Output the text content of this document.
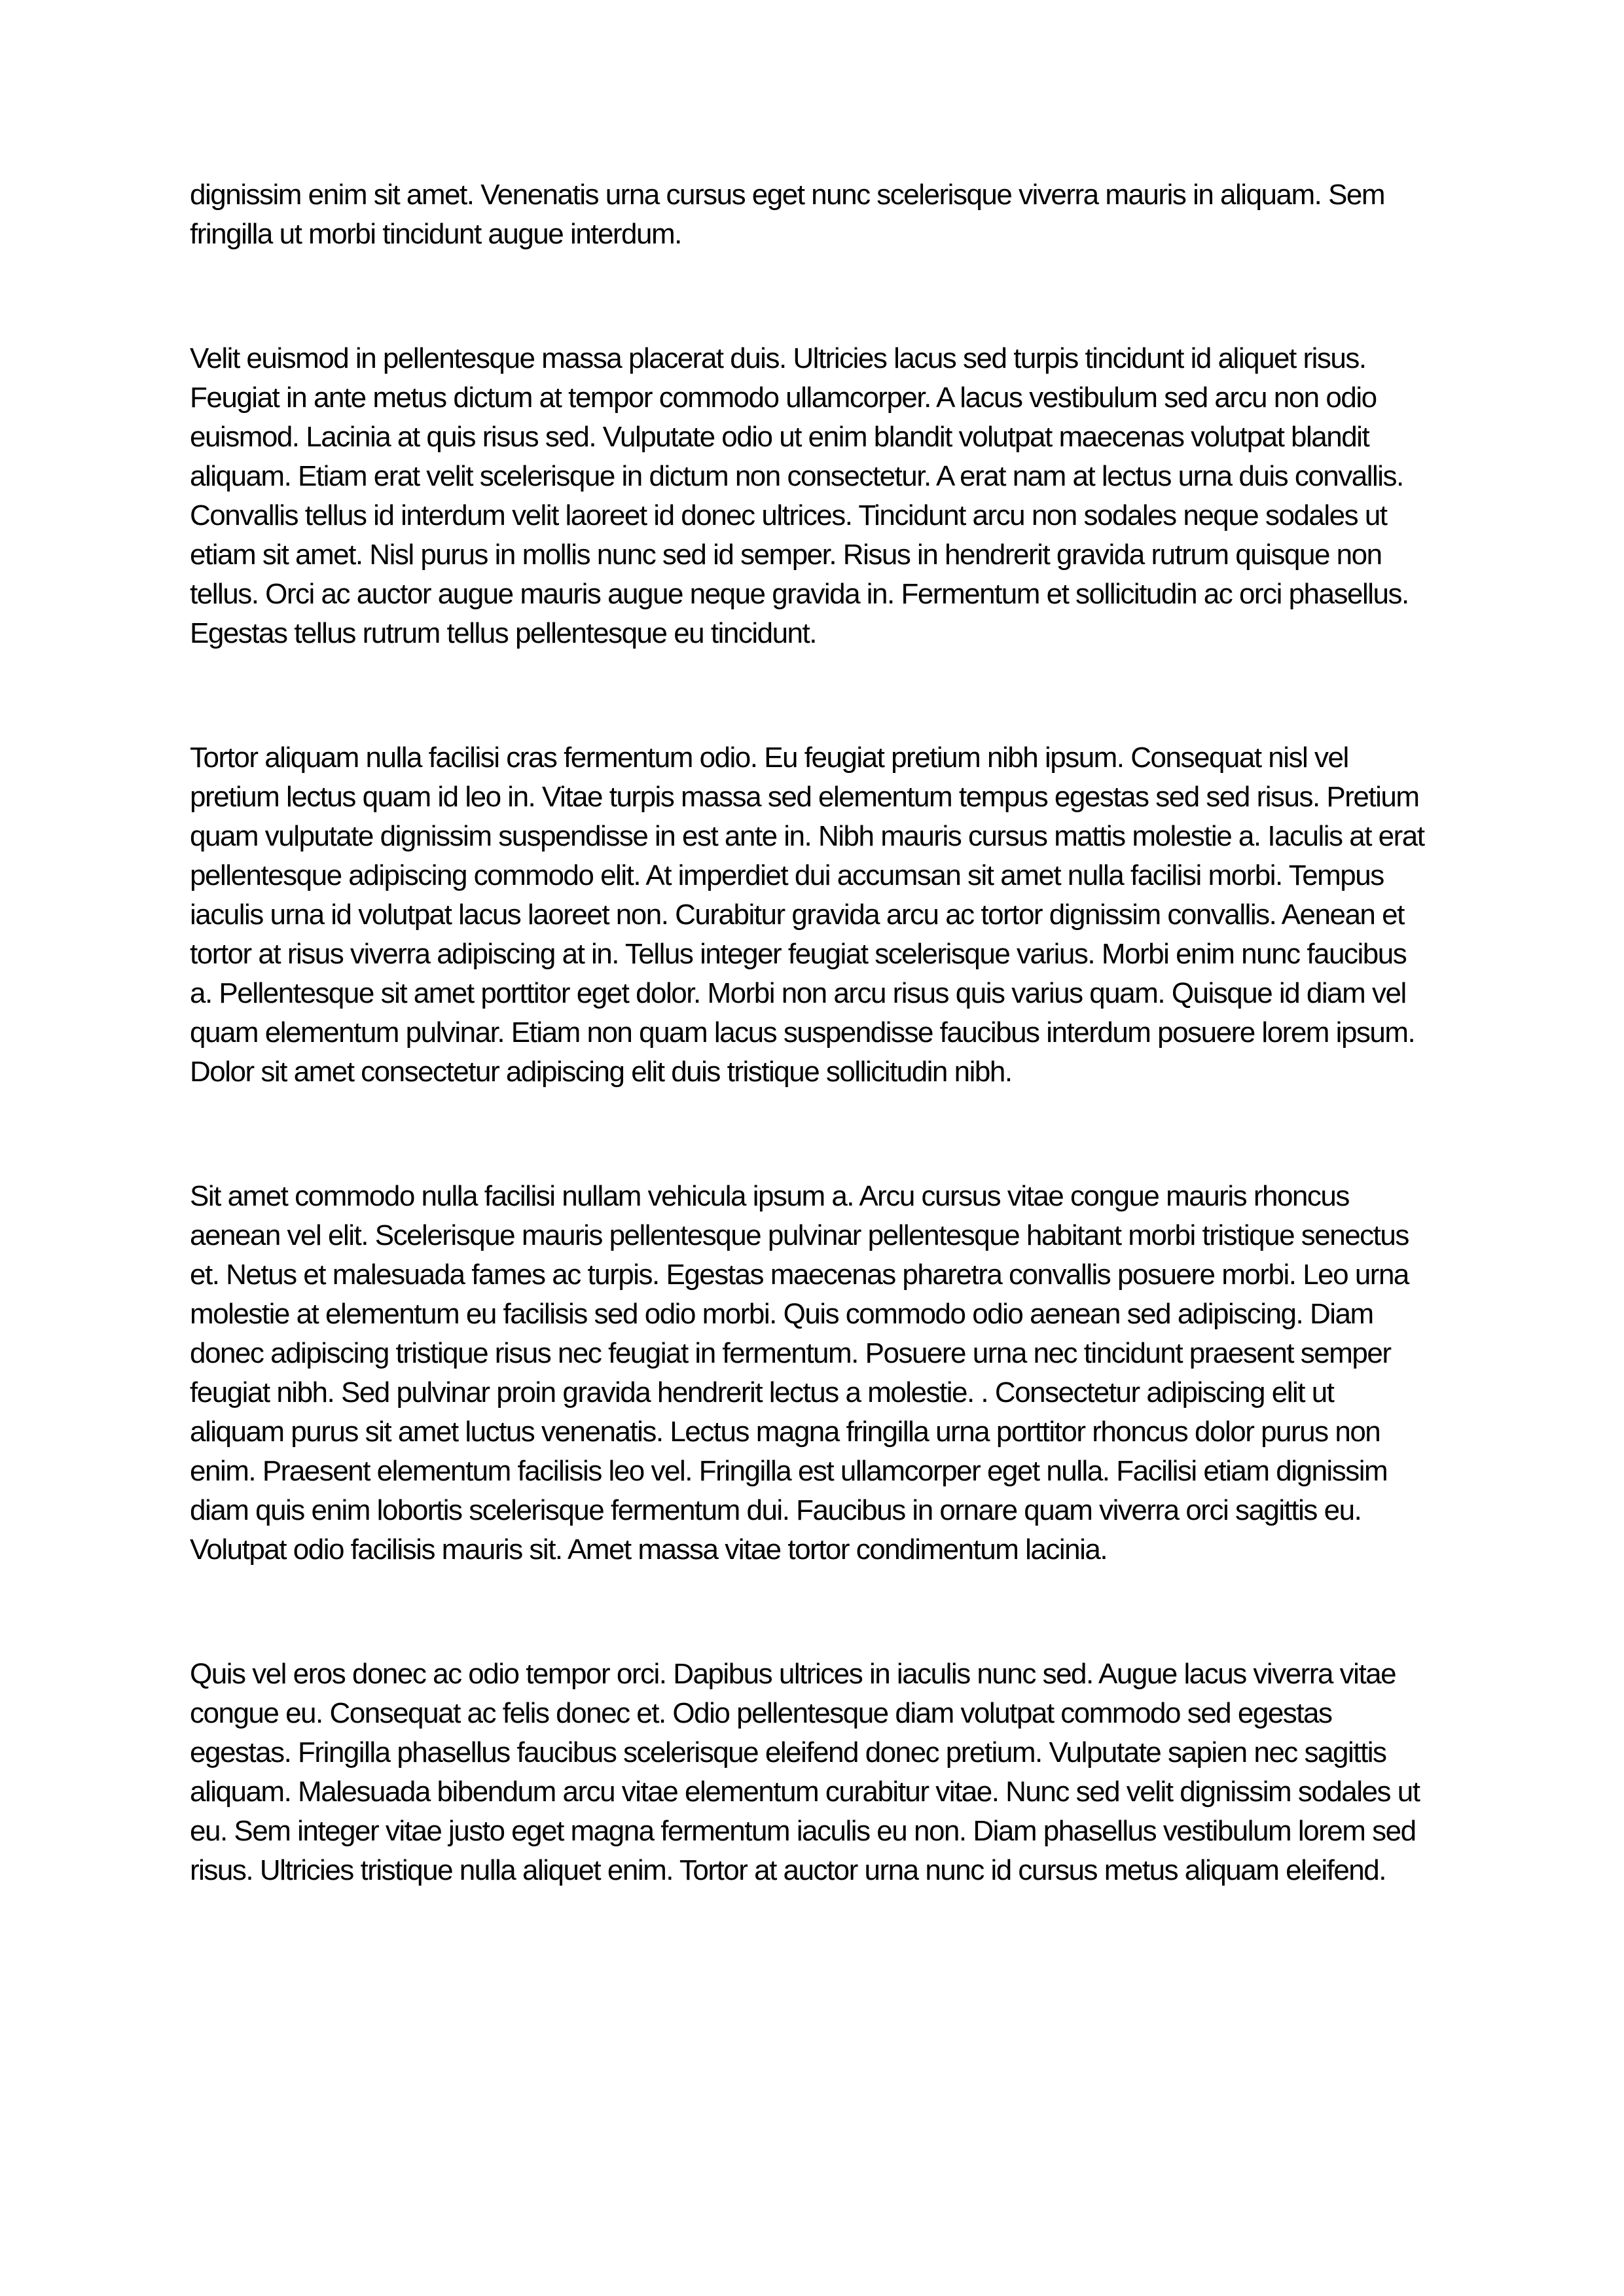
dignissim enim sit amet. Venenatis urna cursus eget nunc scelerisque viverra mauris in aliquam. Sem fringilla ut morbi tincidunt augue interdum.

Velit euismod in pellentesque massa placerat duis. Ultricies lacus sed turpis tincidunt id aliquet risus. Feugiat in ante metus dictum at tempor commodo ullamcorper. A lacus vestibulum sed arcu non odio euismod. Lacinia at quis risus sed. Vulputate odio ut enim blandit volutpat maecenas volutpat blandit aliquam. Etiam erat velit scelerisque in dictum non consectetur. A erat nam at lectus urna duis convallis. Convallis tellus id interdum velit laoreet id donec ultrices. Tincidunt arcu non sodales neque sodales ut etiam sit amet. Nisl purus in mollis nunc sed id semper. Risus in hendrerit gravida rutrum quisque non tellus. Orci ac auctor augue mauris augue neque gravida in. Fermentum et sollicitudin ac orci phasellus. Egestas tellus rutrum tellus pellentesque eu tincidunt.

Tortor aliquam nulla facilisi cras fermentum odio. Eu feugiat pretium nibh ipsum. Consequat nisl vel pretium lectus quam id leo in. Vitae turpis massa sed elementum tempus egestas sed sed risus. Pretium quam vulputate dignissim suspendisse in est ante in. Nibh mauris cursus mattis molestie a. Iaculis at erat pellentesque adipiscing commodo elit. At imperdiet dui accumsan sit amet nulla facilisi morbi. Tempus iaculis urna id volutpat lacus laoreet non. Curabitur gravida arcu ac tortor dignissim convallis. Aenean et tortor at risus viverra adipiscing at in. Tellus integer feugiat scelerisque varius. Morbi enim nunc faucibus a. Pellentesque sit amet porttitor eget dolor. Morbi non arcu risus quis varius quam. Quisque id diam vel quam elementum pulvinar. Etiam non quam lacus suspendisse faucibus interdum posuere lorem ipsum. Dolor sit amet consectetur adipiscing elit duis tristique sollicitudin nibh.

Sit amet commodo nulla facilisi nullam vehicula ipsum a. Arcu cursus vitae congue mauris rhoncus aenean vel elit. Scelerisque mauris pellentesque pulvinar pellentesque habitant morbi tristique senectus et. Netus et malesuada fames ac turpis. Egestas maecenas pharetra convallis posuere morbi. Leo urna molestie at elementum eu facilisis sed odio morbi. Quis commodo odio aenean sed adipiscing. Diam donec adipiscing tristique risus nec feugiat in fermentum. Posuere urna nec tincidunt praesent semper feugiat nibh. Sed pulvinar proin gravida hendrerit lectus a molestie. . Consectetur adipiscing elit ut aliquam purus sit amet luctus venenatis. Lectus magna fringilla urna porttitor rhoncus dolor purus non enim. Praesent elementum facilisis leo vel. Fringilla est ullamcorper eget nulla. Facilisi etiam dignissim diam quis enim lobortis scelerisque fermentum dui. Faucibus in ornare quam viverra orci sagittis eu. Volutpat odio facilisis mauris sit. Amet massa vitae tortor condimentum lacinia.

Quis vel eros donec ac odio tempor orci. Dapibus ultrices in iaculis nunc sed. Augue lacus viverra vitae congue eu. Consequat ac felis donec et. Odio pellentesque diam volutpat commodo sed egestas egestas. Fringilla phasellus faucibus scelerisque eleifend donec pretium. Vulputate sapien nec sagittis aliquam. Malesuada bibendum arcu vitae elementum curabitur vitae. Nunc sed velit dignissim sodales ut eu. Sem integer vitae justo eget magna fermentum iaculis eu non. Diam phasellus vestibulum lorem sed risus. Ultricies tristique nulla aliquet enim. Tortor at auctor urna nunc id cursus metus aliquam eleifend.
